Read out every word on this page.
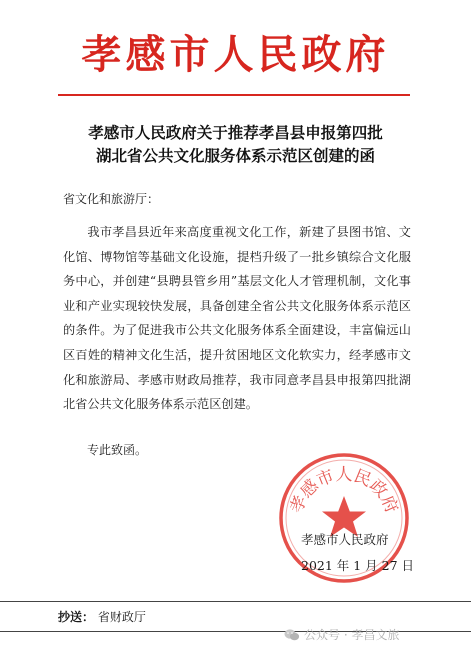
孝感市人民政府
孝感市人民政府关于推荐孝昌县申报第四批
湖北省公共文化服务体系示范区创建的函
省文化和旅游厅：
我市孝昌县近年来高度重视文化工作，新建了县图书馆、文化馆、博物馆等基础文化设施，提档升级了一批乡镇综合文化服务中心，并创建“县聘县管乡用”基层文化人才管理机制，文化事业和产业实现较快发展，具备创建全省公共文化服务体系示范区的条件。为了促进我市公共文化服务体系全面建设，丰富偏远山区百姓的精神文化生活，提升贫困地区文化软实力，经孝感市文化和旅游局、孝感市财政局推荐，我市同意孝昌县申报第四批湖北省公共文化服务体系示范区创建。
专此致函。
孝感市人民政府
孝感市人民政府
2021 年 1 月 27 日
抄送： 省财政厅
公众号 · 孝昌文旅
